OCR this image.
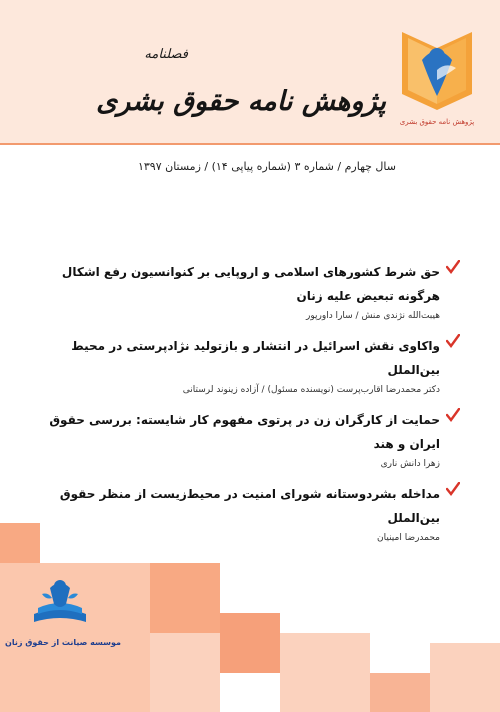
پژوهش نامه حقوق بشری
فصلنامه
پژوهش نامه حقوق بشری
سال چهارم / شماره ۳ (شماره پیاپی ۱۴) / زمستان ۱۳۹۷
حق شرط کشورهای اسلامی و اروپایی بر کنوانسیون رفع اشکال هرگونه تبعیض علیه زنان
هیبت‌الله نژندی منش / سارا داورپور
واکاوی نقش اسرائیل در انتشار و بازتولید نژادپرستی در محیط بین‌الملل
دکتر محمدرضا اقارب‌پرست (نویسنده مسئول) / آزاده زینوند لرستانی
حمایت از کارگران زن در پرتوی مفهوم کار شایسته: بررسی حقوق ایران و هند
زهرا دانش ناری
مداخله بشردوستانه شورای امنیت در محیط‌زیست از منظر حقوق بین‌الملل
محمدرضا امینیان
موسسه صیانت از حقوق زنان
